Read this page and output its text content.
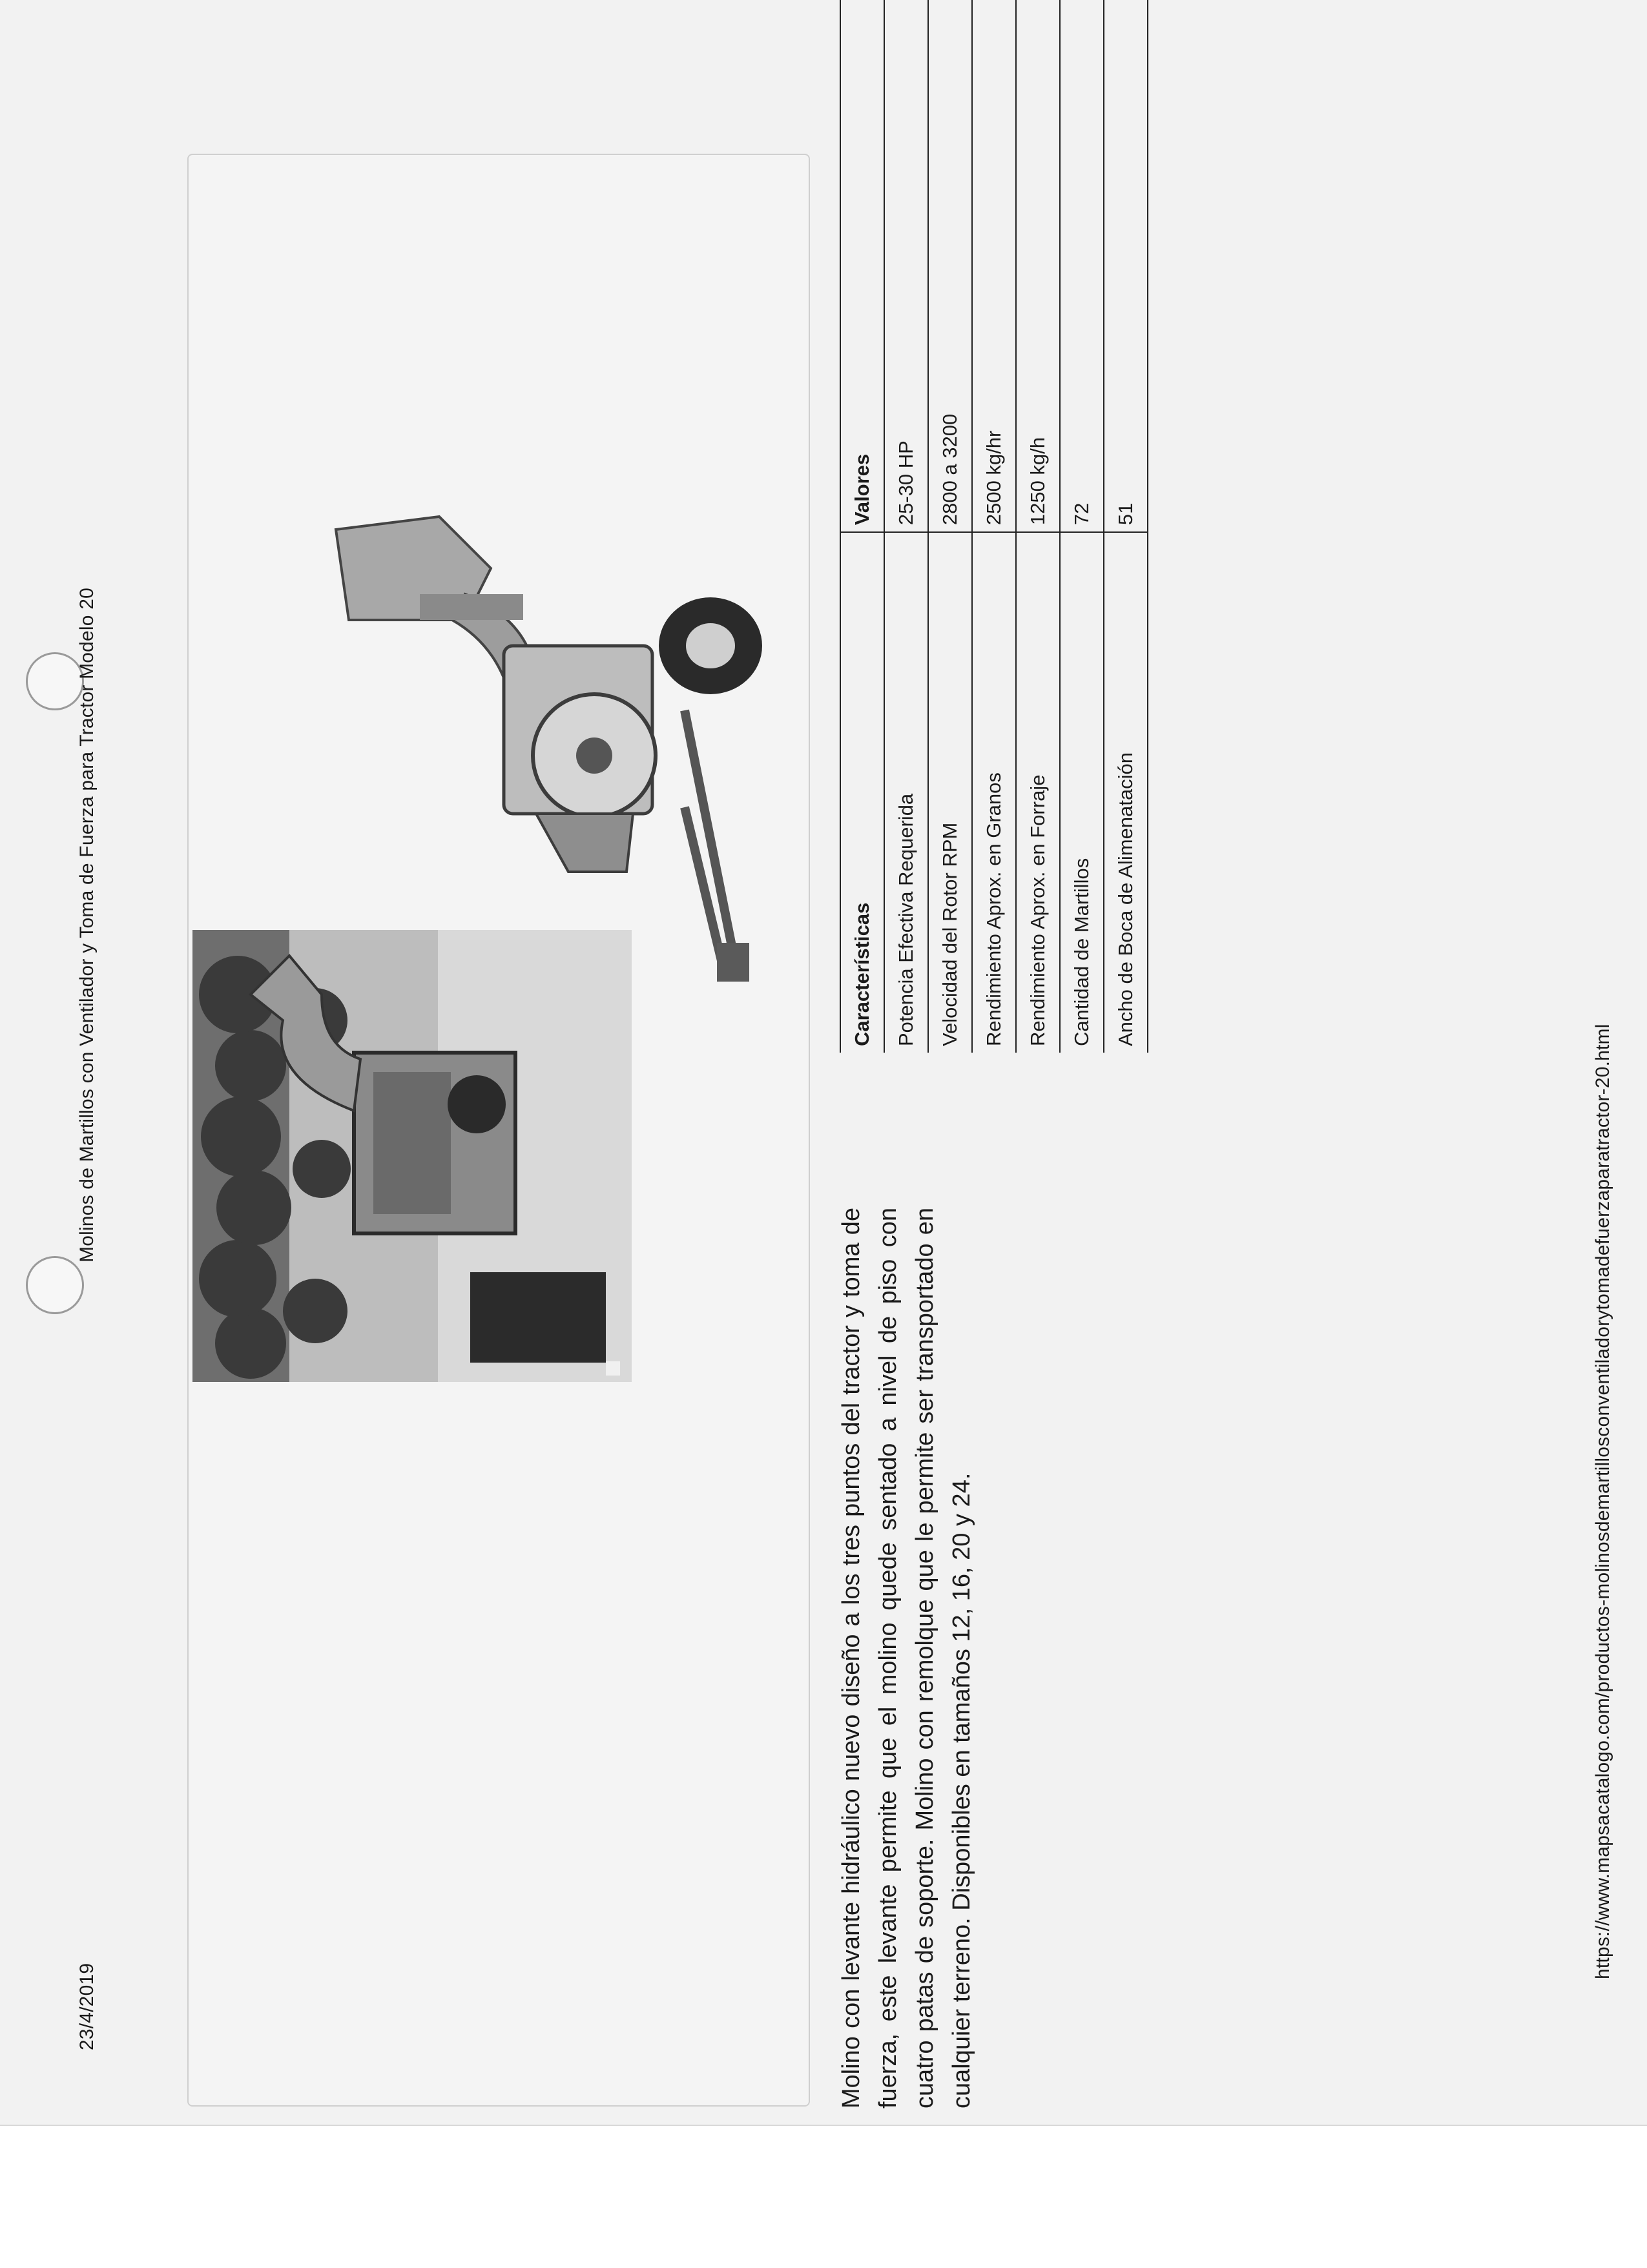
23/4/2019
Molinos de Martillos con Ventilador y Toma de Fuerza para Tractor Modelo 20
Molino con levante hidráulico nuevo diseño a los tres puntos del tractor y toma de fuerza, este levante permite que el molino quede sentado a nivel de piso con cuatro patas de soporte. Molino con remolque que le permite ser transportado en cualquier terreno. Disponibles en tamaños 12, 16, 20 y 24.
Características	Valores
Potencia Efectiva Requerida	25-30 HP
Velocidad del Rotor RPM	2800 a 3200
Rendimiento Aprox. en Granos	2500 kg/hr
Rendimiento Aprox. en Forraje	1250 kg/h
Cantidad de Martillos	72
Ancho de Boca de Alimenatación	51
https://www.mapsacatalogo.com/productos-molinosdemartillosconventiladorytomadefuerzaparatractor-20.html
